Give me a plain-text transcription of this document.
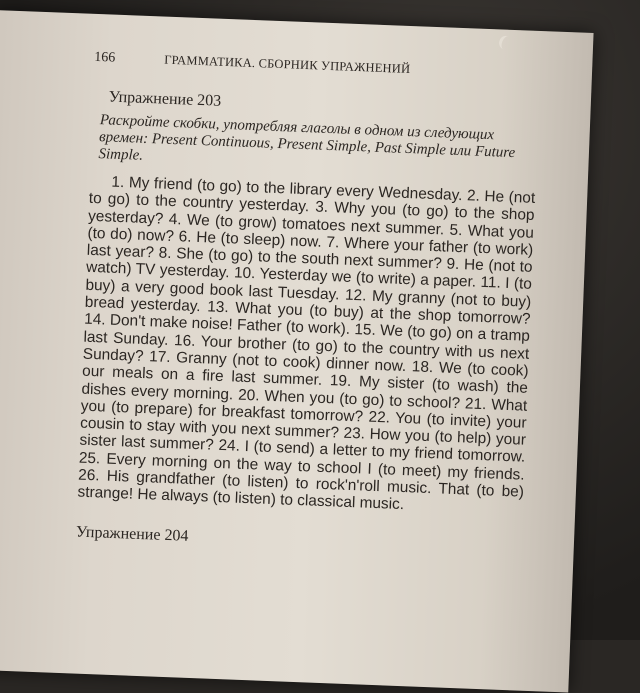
166	ГРАММАТИКА. СБОРНИК УПРАЖНЕНИЙ
Упражнение 203
Раскройте скобки, употребляя глаголы в одном из следующих времен: Present Continuous, Present Simple, Past Simple или Future Simple.
1. My friend (to go) to the library every Wednesday. 2. He (not to go) to the country yesterday. 3. Why you (to go) to the shop yesterday? 4. We (to grow) tomatoes next summer. 5. What you (to do) now? 6. He (to sleep) now. 7. Where your father (to work) last year? 8. She (to go) to the south next summer? 9. He (not to watch) TV yesterday. 10. Yesterday we (to write) a paper. 11. I (to buy) a very good book last Tuesday. 12. My granny (not to buy) bread yesterday. 13. What you (to buy) at the shop tomorrow? 14. Don't make noise! Father (to work). 15. We (to go) on a tramp last Sunday. 16. Your brother (to go) to the country with us next Sunday? 17. Granny (not to cook) dinner now. 18. We (to cook) our meals on a fire last summer. 19. My sister (to wash) the dishes every morning. 20. When you (to go) to school? 21. What you (to prepare) for breakfast tomorrow? 22. You (to invite) your cousin to stay with you next summer? 23. How you (to help) your sister last summer? 24. I (to send) a letter to my friend tomorrow. 25. Every morning on the way to school I (to meet) my friends. 26. His grandfather (to listen) to rock'n'roll music. That (to be) strange! He always (to listen) to classical music.
Упражнение 204
